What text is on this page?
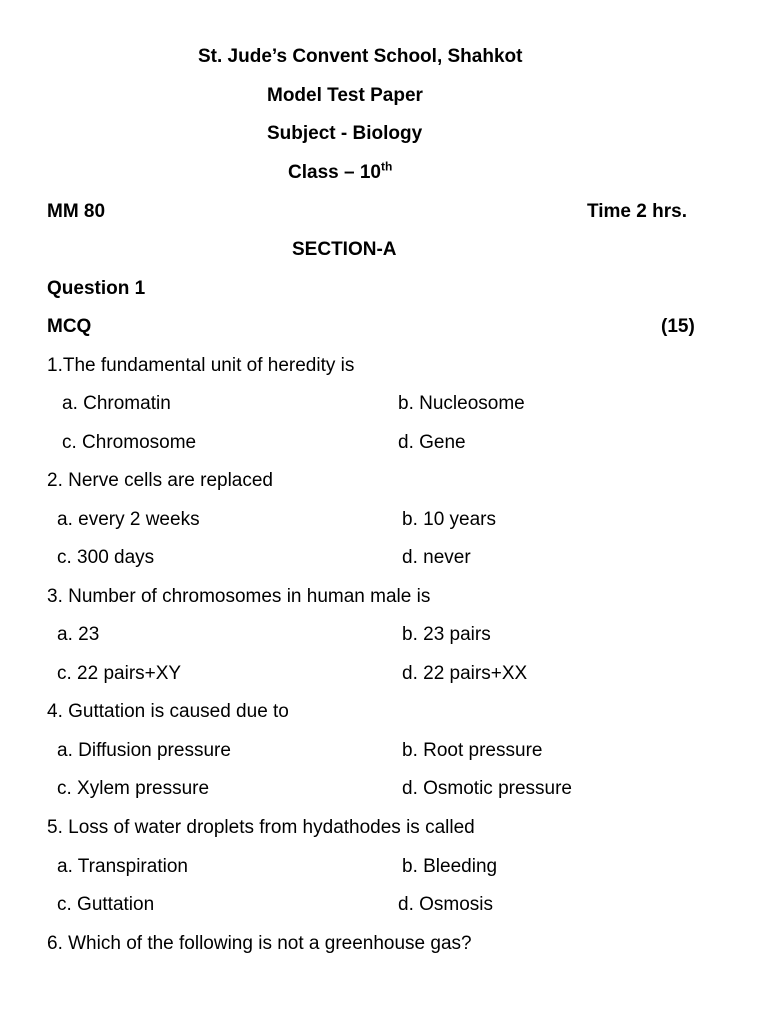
St. Jude’s Convent School, Shahkot
Model Test Paper
Subject - Biology
Class – 10th
MM 80	Time 2 hrs.
SECTION-A
Question 1
MCQ	(15)
1.The fundamental unit of heredity is
a. Chromatin	b. Nucleosome
c. Chromosome	d. Gene
2. Nerve cells are replaced
a. every 2 weeks	b. 10 years
c. 300 days	d. never
3. Number of chromosomes in human male is
a. 23	b. 23 pairs
c. 22 pairs+XY	d. 22 pairs+XX
4. Guttation is caused due to
a. Diffusion pressure	b. Root pressure
c. Xylem pressure	d. Osmotic pressure
5. Loss of water droplets from hydathodes is called
a. Transpiration	b. Bleeding
c. Guttation	d. Osmosis
6. Which of the following is not a greenhouse gas?
